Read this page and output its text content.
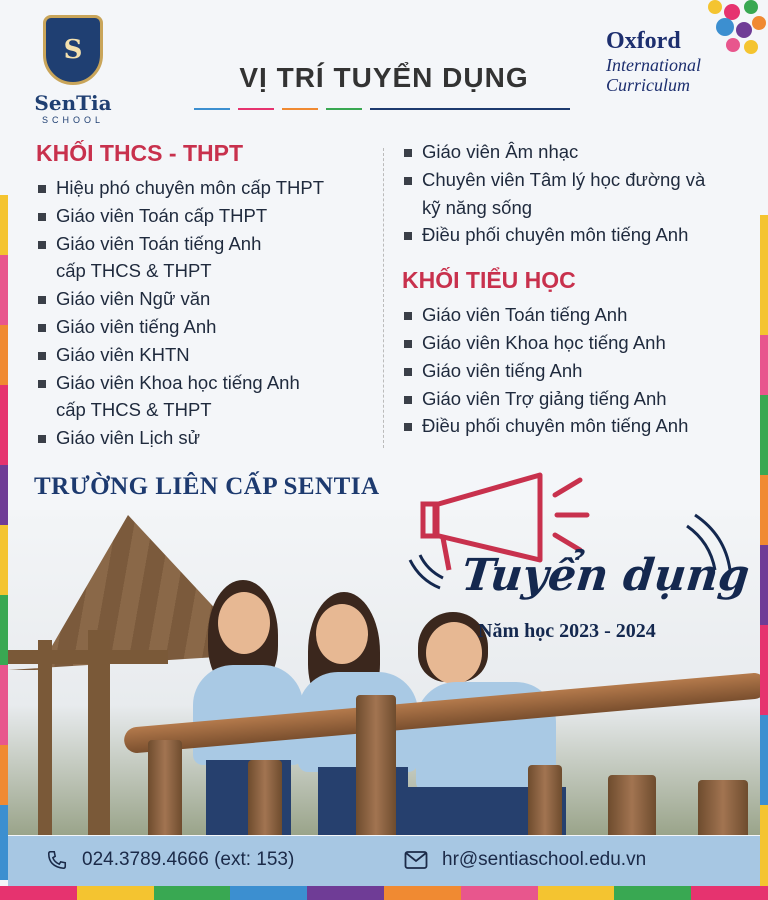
S
SenTia
SCHOOL
Oxford
International
Curriculum
VỊ TRÍ TUYỂN DỤNG
KHỐI THCS - THPT
Hiệu phó chuyên môn cấp THPT
Giáo viên Toán cấp THPT
Giáo viên Toán tiếng Anh
cấp THCS & THPT
Giáo viên Ngữ văn
Giáo viên tiếng Anh
Giáo viên KHTN
Giáo viên Khoa học tiếng Anh
cấp THCS & THPT
Giáo viên Lịch sử
Giáo viên Âm nhạc
Chuyên viên Tâm lý học đường và
kỹ năng sống
Điều phối chuyên môn tiếng Anh
KHỐI TIỂU HỌC
Giáo viên Toán tiếng Anh
Giáo viên Khoa học tiếng Anh
Giáo viên tiếng Anh
Giáo viên Trợ giảng tiếng Anh
Điều phối chuyên môn tiếng Anh
TRƯỜNG LIÊN CẤP SENTIA
Tuyển dụng
Năm học 2023 - 2024
024.3789.4666 (ext: 153)	hr@sentiaschool.edu.vn
